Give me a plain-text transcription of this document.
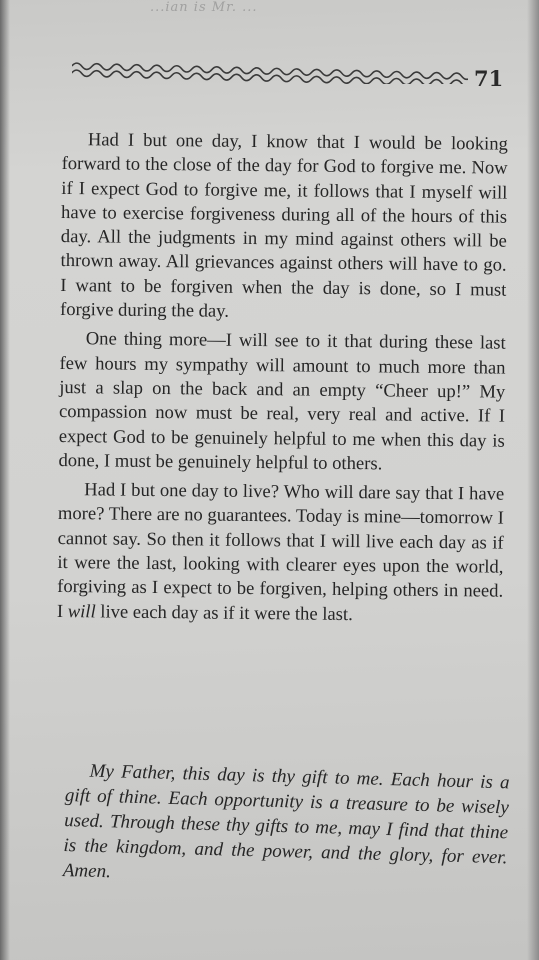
...ian is Mr. ...
71

Had I but one day, I know that I would be looking forward to the close of the day for God to forgive me. Now if I expect God to forgive me, it follows that I myself will have to exercise forgiveness during all of the hours of this day. All the judgments in my mind against others will be thrown away. All grievances against others will have to go. I want to be forgiven when the day is done, so I must forgive during the day.

One thing more—I will see to it that during these last few hours my sympathy will amount to much more than just a slap on the back and an empty “Cheer up!” My compassion now must be real, very real and active. If I expect God to be genuinely helpful to me when this day is done, I must be genuinely helpful to others.

Had I but one day to live? Who will dare say that I have more? There are no guarantees. Today is mine—tomorrow I cannot say. So then it follows that I will live each day as if it were the last, looking with clearer eyes upon the world, forgiving as I expect to be forgiven, helping others in need. I will live each day as if it were the last.

My Father, this day is thy gift to me. Each hour is a gift of thine. Each opportunity is a treasure to be wisely used. Through these thy gifts to me, may I find that thine is the kingdom, and the power, and the glory, for ever. Amen.
